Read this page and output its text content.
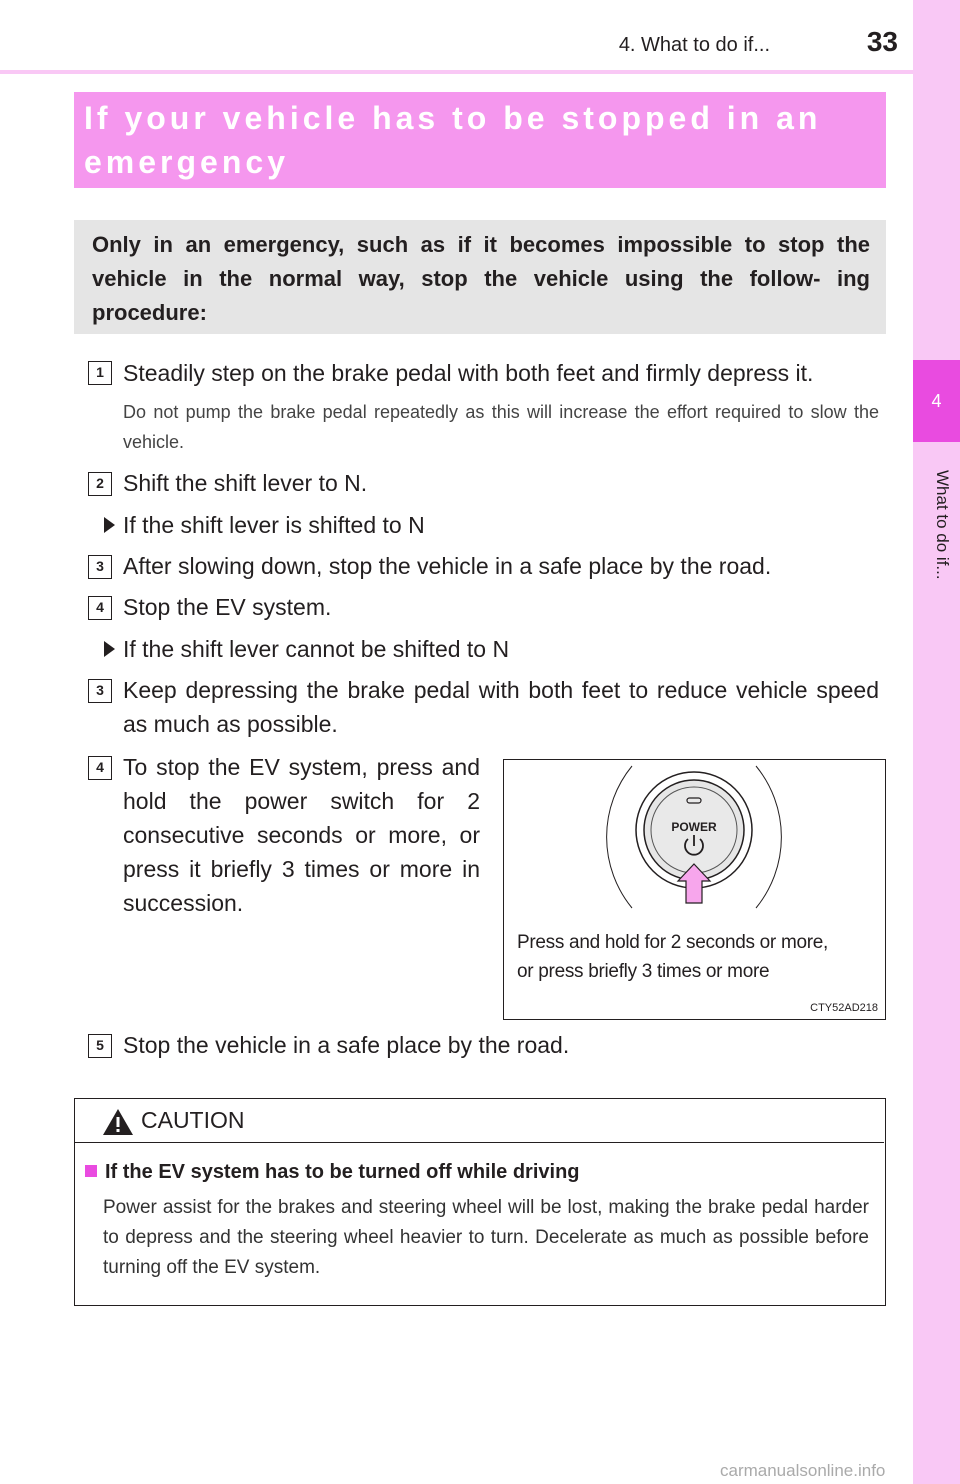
4
What to do if...
4. What to do if...	33
If your vehicle has to be stopped in an
emergency
Only in an emergency, such as if it becomes impossible to stop the vehicle in the normal way, stop the vehicle using the follow- ing procedure:
1 Steadily step on the brake pedal with both feet and firmly depress it.
Do not pump the brake pedal repeatedly as this will increase the effort required to slow the vehicle.
2 Shift the shift lever to N.
If the shift lever is shifted to N
3 After slowing down, stop the vehicle in a safe place by the road.
4 Stop the EV system.
If the shift lever cannot be shifted to N
3 Keep depressing the brake pedal with both feet to reduce vehicle speed as much as possible.
4 To stop the EV system, press and hold the power switch for 2 consecutive seconds or more, or press it briefly 3 times or more in succession.
POWER
Press and hold for 2 seconds or more,
or press briefly 3 times or more
CTY52AD218
5 Stop the vehicle in a safe place by the road.
CAUTION
If the EV system has to be turned off while driving
Power assist for the brakes and steering wheel will be lost, making the brake pedal harder to depress and the steering wheel heavier to turn. Decelerate as much as possible before turning off the EV system.
carmanualsonline.info
